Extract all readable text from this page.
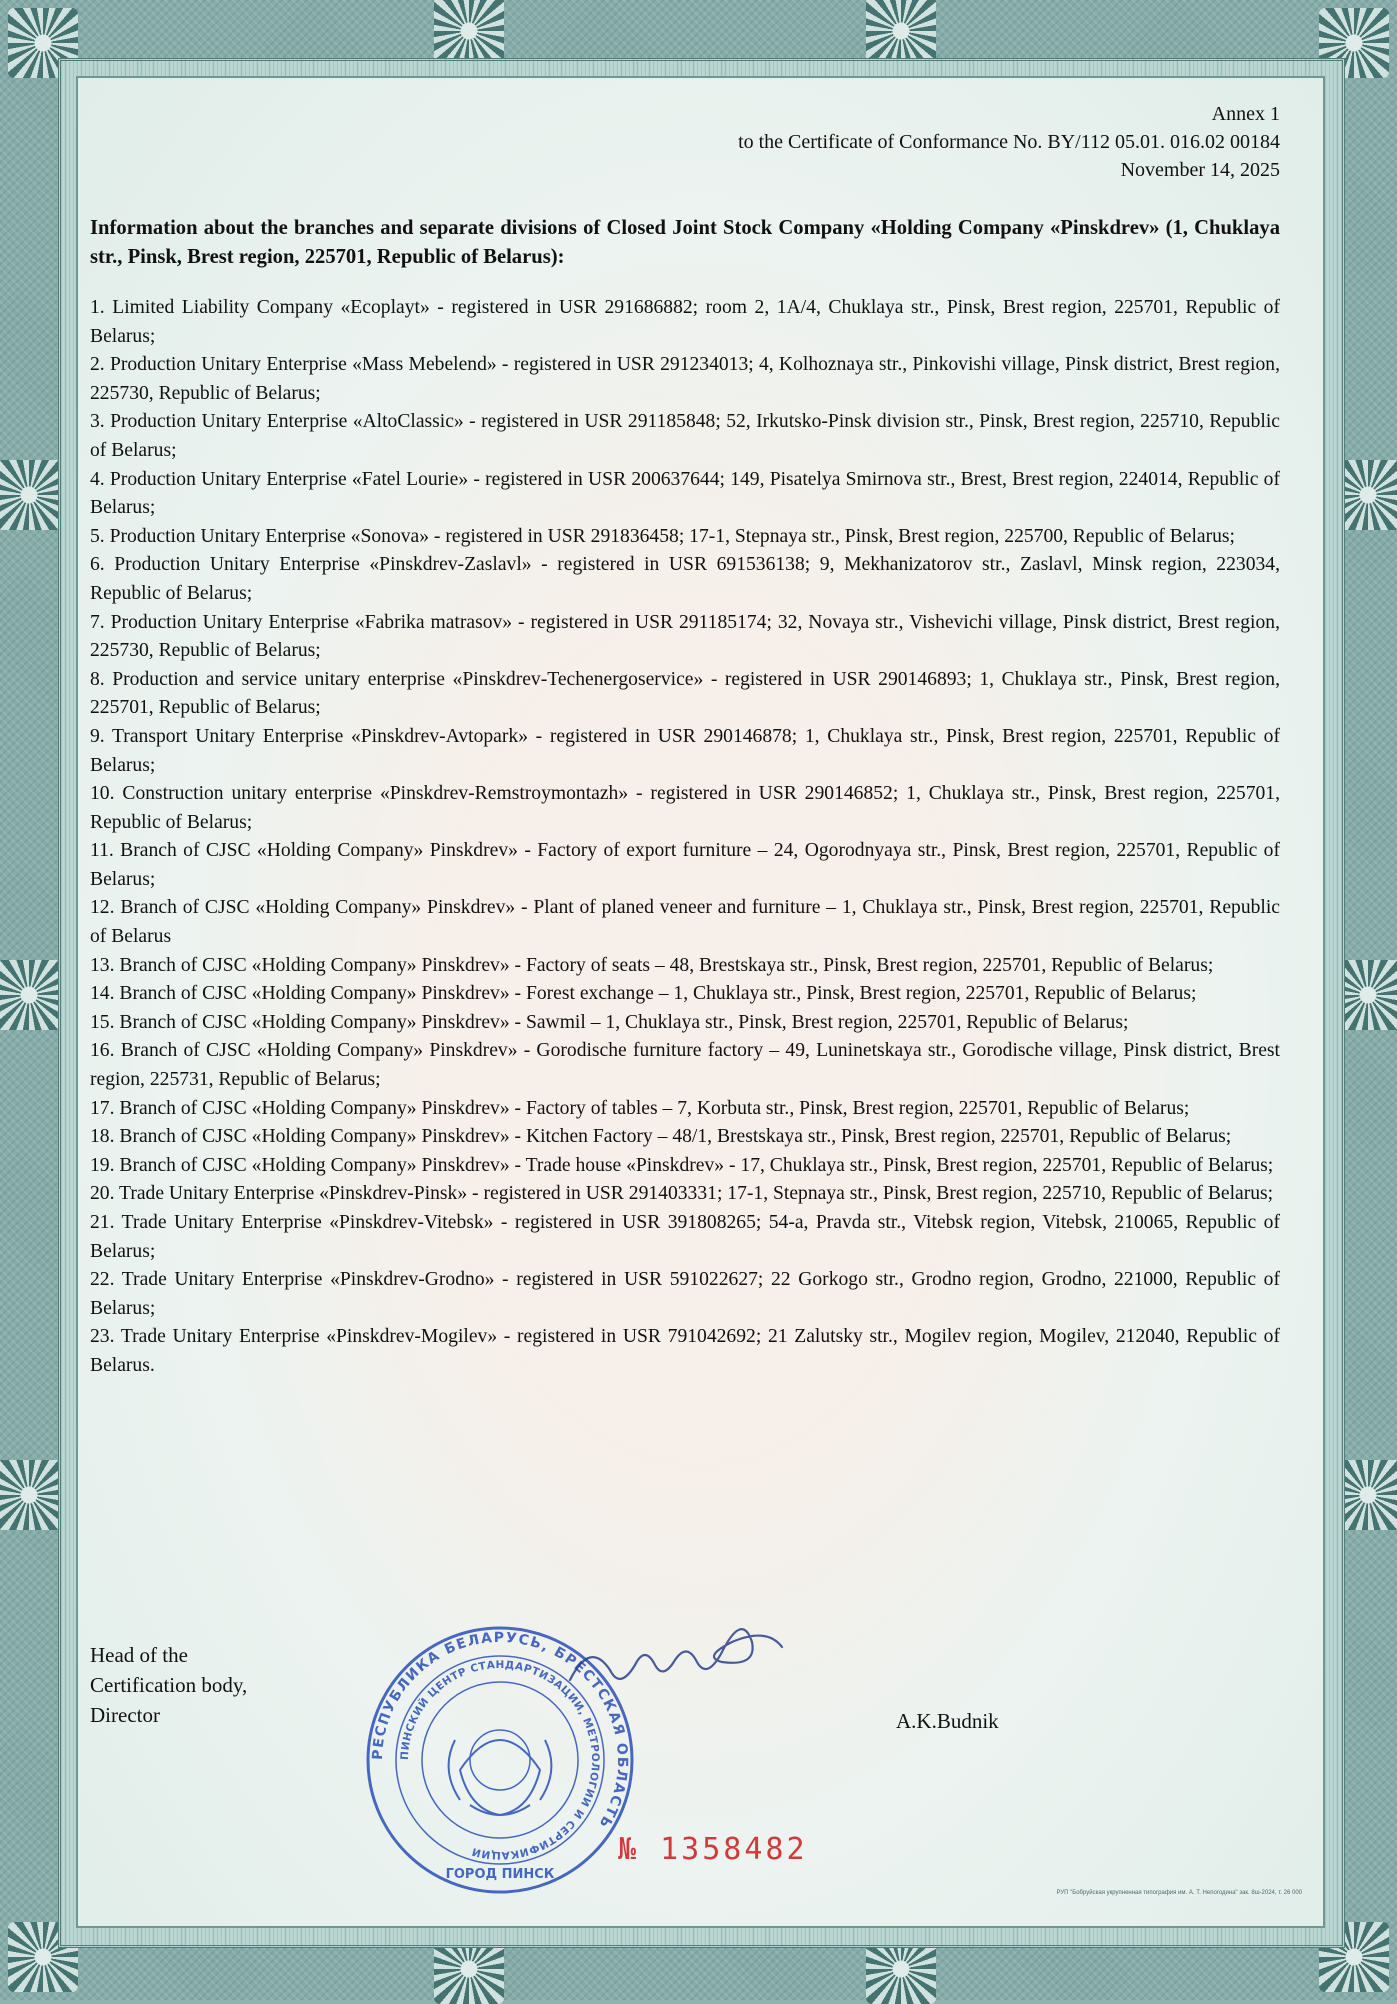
Annex 1
to the Certificate of Conformance No. BY/112 05.01. 016.02 00184
November 14, 2025
Information about the branches and separate divisions of Closed Joint Stock Company «Holding Company «Pinskdrev» (1, Chuklaya str., Pinsk, Brest region, 225701, Republic of Belarus):

1. Limited Liability Company «Ecoplayt» - registered in USR 291686882; room 2, 1A/4, Chuklaya str., Pinsk, Brest region, 225701, Republic of Belarus;

2. Production Unitary Enterprise «Mass Mebelend» - registered in USR 291234013; 4, Kolhoznaya str., Pinkovishi village, Pinsk district, Brest region, 225730, Republic of Belarus;

3. Production Unitary Enterprise «AltoClassic» - registered in USR 291185848; 52, Irkutsko-Pinsk division str., Pinsk, Brest region, 225710, Republic of Belarus;

4. Production Unitary Enterprise «Fatel Lourie» - registered in USR 200637644; 149, Pisatelya Smirnova str., Brest, Brest region, 224014, Republic of Belarus;

5. Production Unitary Enterprise «Sonova» - registered in USR 291836458; 17-1, Stepnaya str., Pinsk, Brest region, 225700, Republic of Belarus;

6. Production Unitary Enterprise «Pinskdrev-Zaslavl» - registered in USR 691536138; 9, Mekhanizatorov str., Zaslavl, Minsk region, 223034, Republic of Belarus;

7. Production Unitary Enterprise «Fabrika matrasov» - registered in USR 291185174; 32, Novaya str., Vishevichi village, Pinsk district, Brest region, 225730, Republic of Belarus;

8. Production and service unitary enterprise «Pinskdrev-Techenergoservice» - registered in USR 290146893; 1, Chuklaya str., Pinsk, Brest region, 225701, Republic of Belarus;

9. Transport Unitary Enterprise «Pinskdrev-Avtopark» - registered in USR 290146878; 1, Chuklaya str., Pinsk, Brest region, 225701, Republic of Belarus;

10. Construction unitary enterprise «Pinskdrev-Remstroymontazh» - registered in USR 290146852; 1, Chuklaya str., Pinsk, Brest region, 225701, Republic of Belarus;

11. Branch of CJSC «Holding Company» Pinskdrev» - Factory of export furniture – 24, Ogorodnyaya str., Pinsk, Brest region, 225701, Republic of Belarus;

12. Branch of CJSC «Holding Company» Pinskdrev» - Plant of planed veneer and furniture – 1, Chuklaya str., Pinsk, Brest region, 225701, Republic of Belarus

13. Branch of CJSC «Holding Company» Pinskdrev» - Factory of seats – 48, Brestskaya str., Pinsk, Brest region, 225701, Republic of Belarus;

14. Branch of CJSC «Holding Company» Pinskdrev» - Forest exchange – 1, Chuklaya str., Pinsk, Brest region, 225701, Republic of Belarus;

15. Branch of CJSC «Holding Company» Pinskdrev» - Sawmil – 1, Chuklaya str., Pinsk, Brest region, 225701, Republic of Belarus;

16. Branch of CJSC «Holding Company» Pinskdrev» - Gorodische furniture factory – 49, Luninetskaya str., Gorodische village, Pinsk district, Brest region, 225731, Republic of Belarus;

17. Branch of CJSC «Holding Company» Pinskdrev» - Factory of tables – 7, Korbuta str., Pinsk, Brest region, 225701, Republic of Belarus;

18. Branch of CJSC «Holding Company» Pinskdrev» - Kitchen Factory – 48/1, Brestskaya str., Pinsk, Brest region, 225701, Republic of Belarus;

19. Branch of CJSC «Holding Company» Pinskdrev» - Trade house «Pinskdrev» - 17, Chuklaya str., Pinsk, Brest region, 225701, Republic of Belarus;

20. Trade Unitary Enterprise «Pinskdrev-Pinsk» - registered in USR 291403331; 17-1, Stepnaya str., Pinsk, Brest region, 225710, Republic of Belarus;

21. Trade Unitary Enterprise «Pinskdrev-Vitebsk» - registered in USR 391808265; 54-a, Pravda str., Vitebsk region, Vitebsk, 210065, Republic of Belarus;

22. Trade Unitary Enterprise «Pinskdrev-Grodno» - registered in USR 591022627; 22 Gorkogo str., Grodno region, Grodno, 221000, Republic of Belarus;

23. Trade Unitary Enterprise «Pinskdrev-Mogilev» - registered in USR 791042692; 21 Zalutsky str., Mogilev region, Mogilev, 212040, Republic of Belarus.

Head of the
Certification body,
Director
РЕСПУБЛИКА БЕЛАРУСЬ, БРЕСТСКАЯ ОБЛАСТЬ
ПИНСКИЙ ЦЕНТР СТАНДАРТИЗАЦИИ, МЕТРОЛОГИИ И СЕРТИФИКАЦИИ
ГОРОД ПИНСК
A.K.Budnik
№ 1358482
РУП "Бобруйская укрупненная типография им. А. Т. Непогодина" зак. 8ш-2024, т. 26 000
